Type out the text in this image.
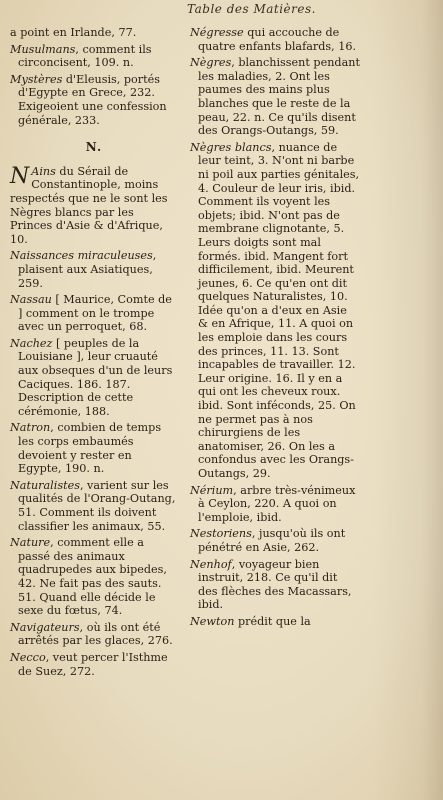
Table des Matières.
a point en Irlande, 77.
Musulmans, comment ils circoncisent, 109. n.
Mystères d'Eleusis, portés d'Egypte en Grece, 232. Exigeoient une confession générale, 233.
N.
N Ains du Sérail de Constantinople, moins respectés que ne le sont les Nègres blancs par les Princes d'Asie & d'Afrique, 10.
Naissances miraculeuses, plaisent aux Asiatiques, 259.
Nassau [ Maurice, Comte de ] comment on le trompe avec un perroquet, 68.
Nachez [ peuples de la Louisiane ], leur cruauté aux obseques d'un de leurs Caciques. 186. 187. Description de cette cérémonie, 188.
Natron, combien de temps les corps embaumés devoient y rester en Egypte, 190. n.
Naturalistes, varient sur les qualités de l'Orang-Outang, 51. Comment ils doivent classifier les animaux, 55.
Nature, comment elle a passé des animaux quadrupedes aux bipedes, 42. Ne fait pas des sauts. 51. Quand elle décide le sexe du fœtus, 74.
Navigateurs, où ils ont été arrêtés par les glaces, 276.
Necco, veut percer l'Isthme de Suez, 272.
Négresse qui accouche de quatre enfants blafards, 16.
Nègres, blanchissent pendant les maladies, 2. Ont les paumes des mains plus blanches que le reste de la peau, 22. n. Ce qu'ils disent des Orangs-Outangs, 59.
Nègres blancs, nuance de leur teint, 3. N'ont ni barbe ni poil aux parties génitales, 4. Couleur de leur iris, ibid. Comment ils voyent les objets; ibid. N'ont pas de membrane clignotante, 5. Leurs doigts sont mal formés. ibid. Mangent fort difficilement, ibid. Meurent jeunes, 6. Ce qu'en ont dit quelques Naturalistes, 10. Idée qu'on a d'eux en Asie & en Afrique, 11. A quoi on les emploie dans les cours des princes, 11. 13. Sont incapables de travailler. 12. Leur origine. 16. Il y en a qui ont les cheveux roux. ibid. Sont inféconds, 25. On ne permet pas à nos chirurgiens de les anatomiser, 26. On les a confondus avec les Orangs-Outangs, 29.
Nérium, arbre très-vénimeux à Ceylon, 220. A quoi on l'emploie, ibid.
Nestoriens, jusqu'où ils ont pénétré en Asie, 262.
Nenhof, voyageur bien instruit, 218. Ce qu'il dit des flèches des Macassars, ibid.
Newton prédit que la
